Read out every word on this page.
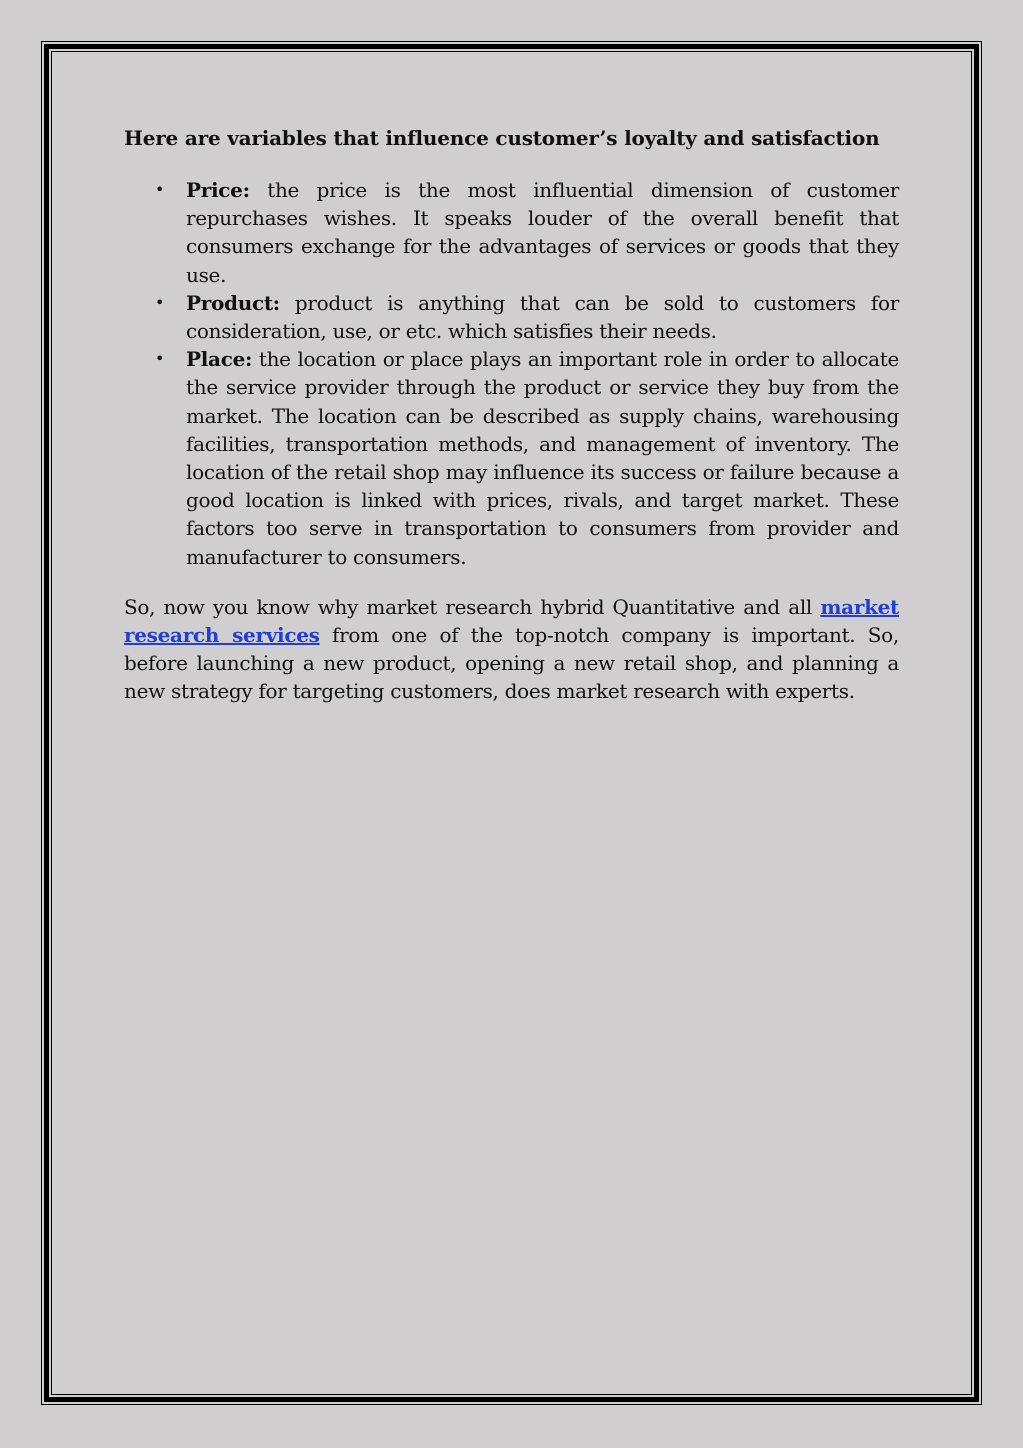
Here are variables that influence customer’s loyalty and satisfaction
• Price: the price is the most influential dimension of customer repurchases wishes. It speaks louder of the overall benefit that consumers exchange for the advantages of services or goods that they use.
• Product: product is anything that can be sold to customers for consideration, use, or etc. which satisfies their needs.
• Place: the location or place plays an important role in order to allocate the service provider through the product or service they buy from the market. The location can be described as supply chains, warehousing facilities, transportation methods, and management of inventory. The location of the retail shop may influence its success or failure because a good location is linked with prices, rivals, and target market. These factors too serve in transportation to consumers from provider and manufacturer to consumers.

So, now you know why market research hybrid Quantitative and all market research services from one of the top-notch company is important. So, before launching a new product, opening a new retail shop, and planning a new strategy for targeting customers, does market research with experts.
